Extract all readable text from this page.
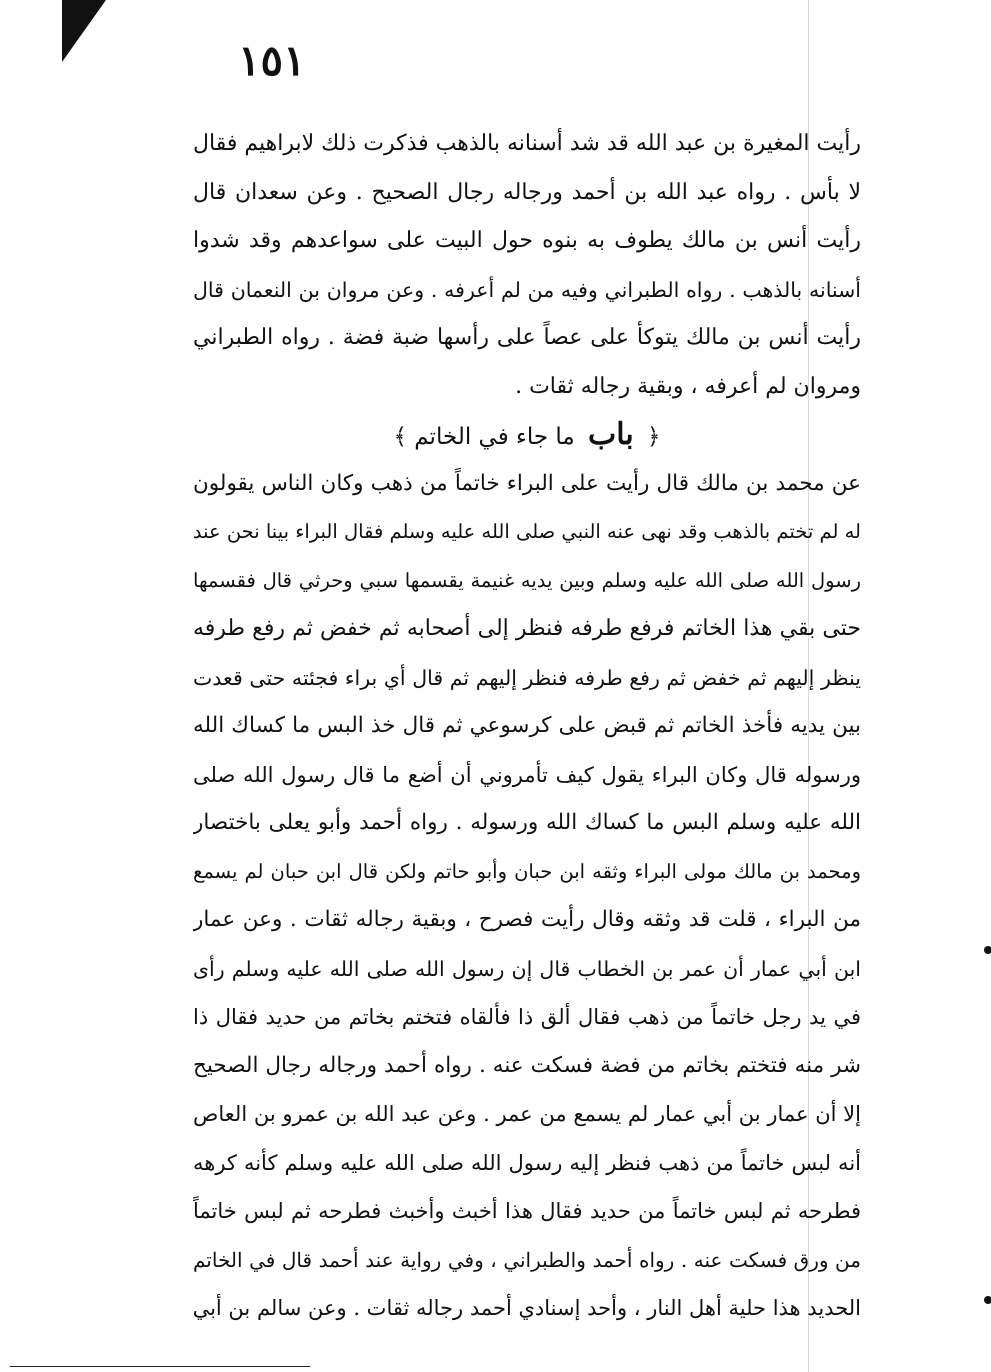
١٥١
رأيت المغيرة بن عبد الله قد شد أسنانه بالذهب فذكرت ذلك لابراهيم فقال
لا بأس . رواه عبد الله بن أحمد ورجاله رجال الصحيح . وعن سعدان قال
رأيت أنس بن مالك يطوف به بنوه حول البيت على سواعدهم وقد شدوا
أسنانه بالذهب . رواه الطبراني وفيه من لم أعرفه . وعن مروان بن النعمان قال
رأيت أنس بن مالك يتوكأ على عصاً على رأسها ضبة فضة . رواه الطبراني
ومروان لم أعرفه ، وبقية رجاله ثقات .
﴿ باب ما جاء في الخاتم ﴾
عن محمد بن مالك قال رأيت على البراء خاتماً من ذهب وكان الناس يقولون
له لم تختم بالذهب وقد نهى عنه النبي صلى الله عليه وسلم فقال البراء بينا نحن عند
رسول الله صلى الله عليه وسلم وبين يديه غنيمة يقسمها سبي وحرثي قال فقسمها
حتى بقي هذا الخاتم فرفع طرفه فنظر إلى أصحابه ثم خفض ثم رفع طرفه
ينظر إليهم ثم خفض ثم رفع طرفه فنظر إليهم ثم قال أي براء فجئته حتى قعدت
بين يديه فأخذ الخاتم ثم قبض على كرسوعي ثم قال خذ البس ما كساك الله
ورسوله قال وكان البراء يقول كيف تأمروني أن أضع ما قال رسول الله صلى
الله عليه وسلم البس ما كساك الله ورسوله . رواه أحمد وأبو يعلى باختصار
ومحمد بن مالك مولى البراء وثقه ابن حبان وأبو حاتم ولكن قال ابن حبان لم يسمع
من البراء ، قلت قد وثقه وقال رأيت فصرح ، وبقية رجاله ثقات . وعن عمار
ابن أبي عمار أن عمر بن الخطاب قال إن رسول الله صلى الله عليه وسلم رأى
في يد رجل خاتماً من ذهب فقال ألق ذا فألقاه فتختم بخاتم من حديد فقال ذا
شر منه فتختم بخاتم من فضة فسكت عنه . رواه أحمد ورجاله رجال الصحيح
إلا أن عمار بن أبي عمار لم يسمع من عمر . وعن عبد الله بن عمرو بن العاص
أنه لبس خاتماً من ذهب فنظر إليه رسول الله صلى الله عليه وسلم كأنه كرهه
فطرحه ثم لبس خاتماً من حديد فقال هذا أخبث وأخبث فطرحه ثم لبس خاتماً
من ورق فسكت عنه . رواه أحمد والطبراني ، وفي رواية عند أحمد قال في الخاتم
الحديد هذا حلية أهل النار ، وأحد إسنادي أحمد رجاله ثقات . وعن سالم بن أبي
